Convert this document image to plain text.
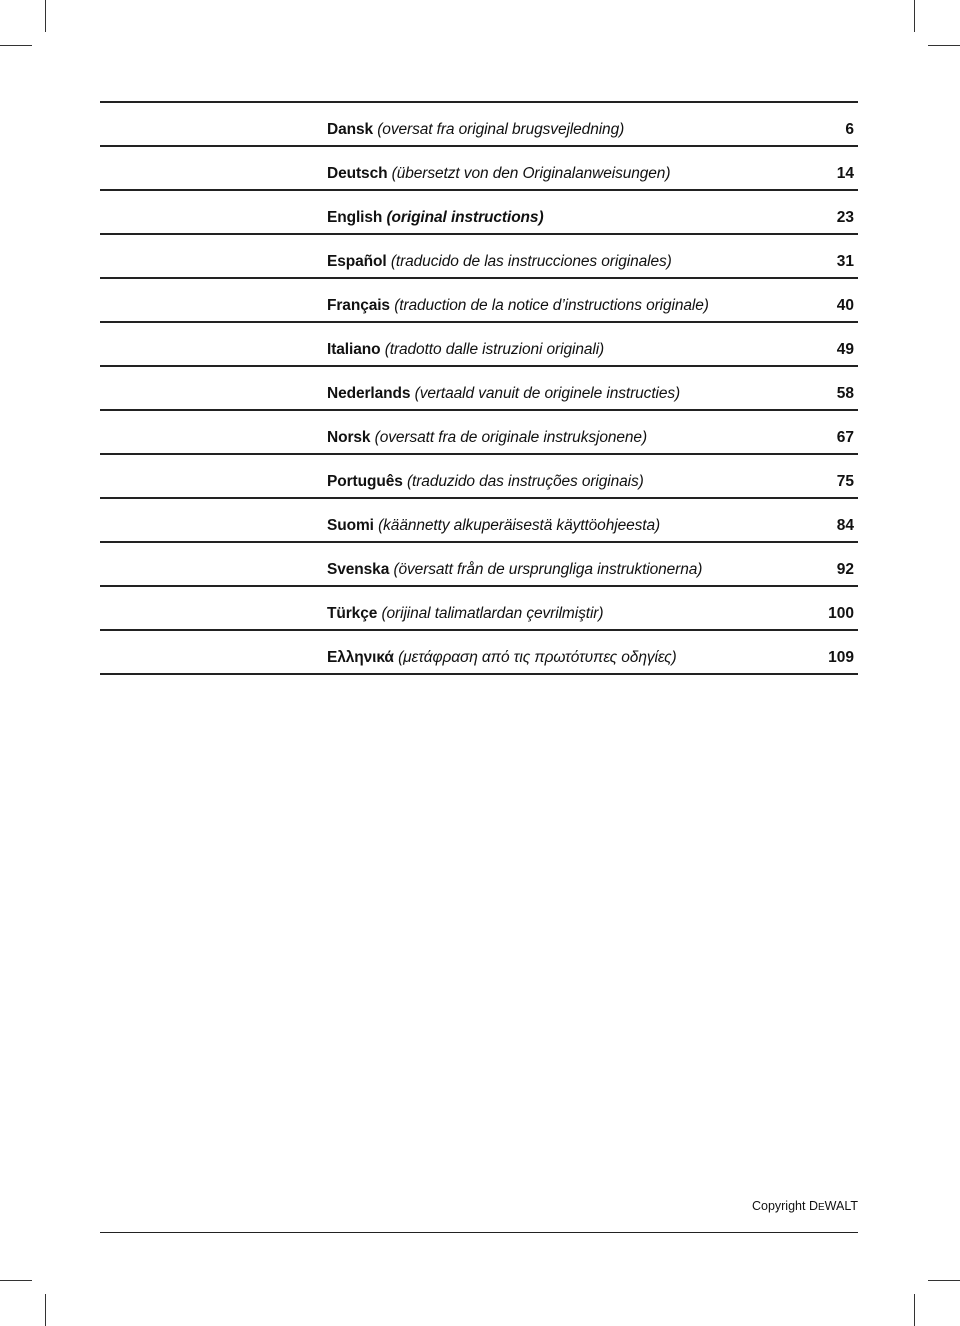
Dansk (oversat fra original brugsvejledning)	6
Deutsch (übersetzt von den Originalanweisungen)	14
English (original instructions)	23
Español (traducido de las instrucciones originales)	31
Français (traduction de la notice d’instructions originale)	40
Italiano (tradotto dalle istruzioni originali)	49
Nederlands (vertaald vanuit de originele instructies)	58
Norsk (oversatt fra de originale instruksjonene)	67
Português (traduzido das instruções originais)	75
Suomi (käännetty alkuperäisestä käyttöohjeesta)	84
Svenska (översatt från de ursprungliga instruktionerna)	92
Türkçe (orijinal talimatlardan çevrilmiştir)	100
Ελληνικά (μετάφραση από τις πρωτότυπες οδηγίες)	109
Copyright DEWALT
